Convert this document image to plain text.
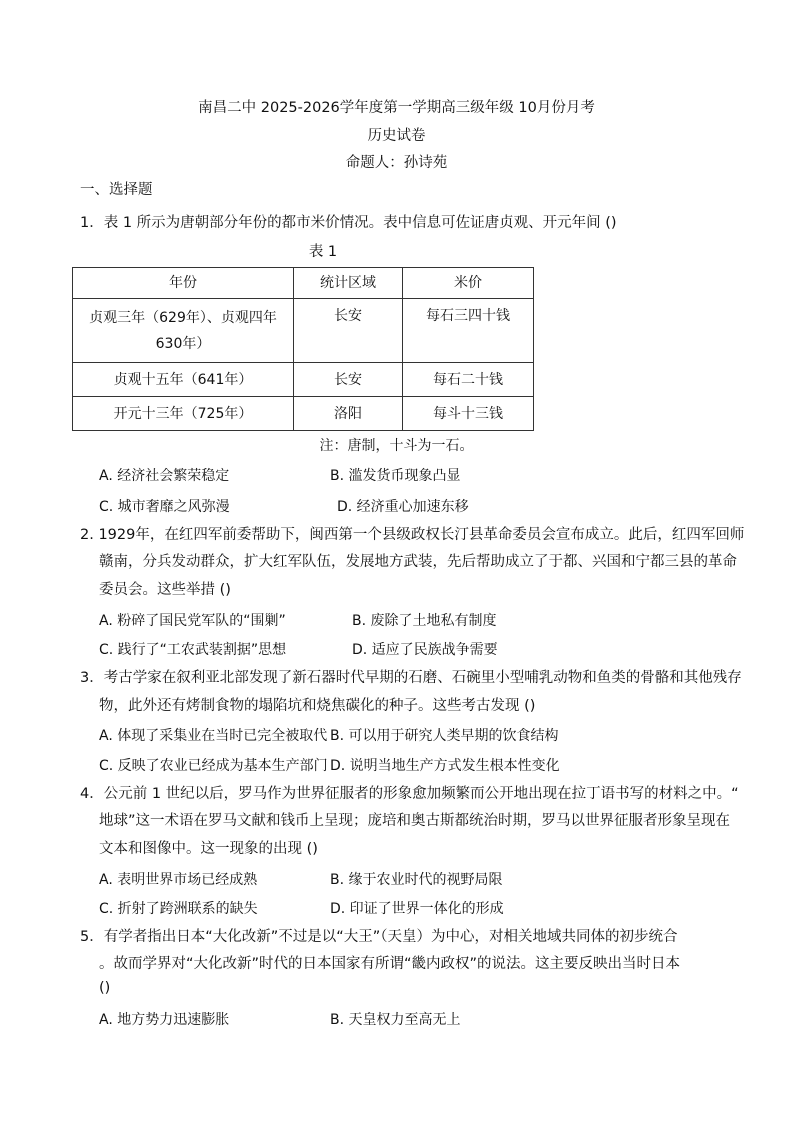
南昌二中 2025-2026学年度第一学期高三级年级 10月份月考
历史试卷
命题人：孙诗苑
一、选择题
1．表 1 所示为唐朝部分年份的都市米价情况。表中信息可佐证唐贞观、开元年间 ()
表 1
年份	统计区域	米价

贞观三年（629年）、贞观四年
630年）	长安	每石三四十钱
贞观十五年（641年）	长安	每石二十钱
开元十三年（725年）	洛阳	每斗十三钱
注：唐制，十斗为一石。
A. 经济社会繁荣稳定	B. 滥发货币现象凸显
C. 城市奢靡之风弥漫	D. 经济重心加速东移
2. 1929年，在红四军前委帮助下，闽西第一个县级政权长汀县革命委员会宣布成立。此后，红四军回师
赣南，分兵发动群众，扩大红军队伍，发展地方武装，先后帮助成立了于都、兴国和宁都三县的革命
委员会。这些举措 ()
A. 粉碎了国民党军队的“围剿”	B. 废除了土地私有制度
C. 践行了“工农武装割据”思想	D. 适应了民族战争需要
3．考古学家在叙利亚北部发现了新石器时代早期的石磨、石碗里小型哺乳动物和鱼类的骨骼和其他残存
物，此外还有烤制食物的塌陷坑和烧焦碳化的种子。这些考古发现 ()
A. 体现了采集业在当时已完全被取代 B. 可以用于研究人类早期的饮食结构
C. 反映了农业已经成为基本生产部门 D. 说明当地生产方式发生根本性变化
4．公元前 1 世纪以后，罗马作为世界征服者的形象愈加频繁而公开地出现在拉丁语书写的材料之中。“
地球”这一术语在罗马文献和钱币上呈现；庞培和奥古斯都统治时期，罗马以世界征服者形象呈现在
文本和图像中。这一现象的出现 ()
A. 表明世界市场已经成熟	B. 缘于农业时代的视野局限
C. 折射了跨洲联系的缺失	D. 印证了世界一体化的形成
5．有学者指出日本“大化改新”不过是以“大王”（天皇）为中心，对相关地域共同体的初步统合
。故而学界对“大化改新”时代的日本国家有所谓“畿内政权”的说法。这主要反映出当时日本
()
A. 地方势力迅速膨胀	B. 天皇权力至高无上
